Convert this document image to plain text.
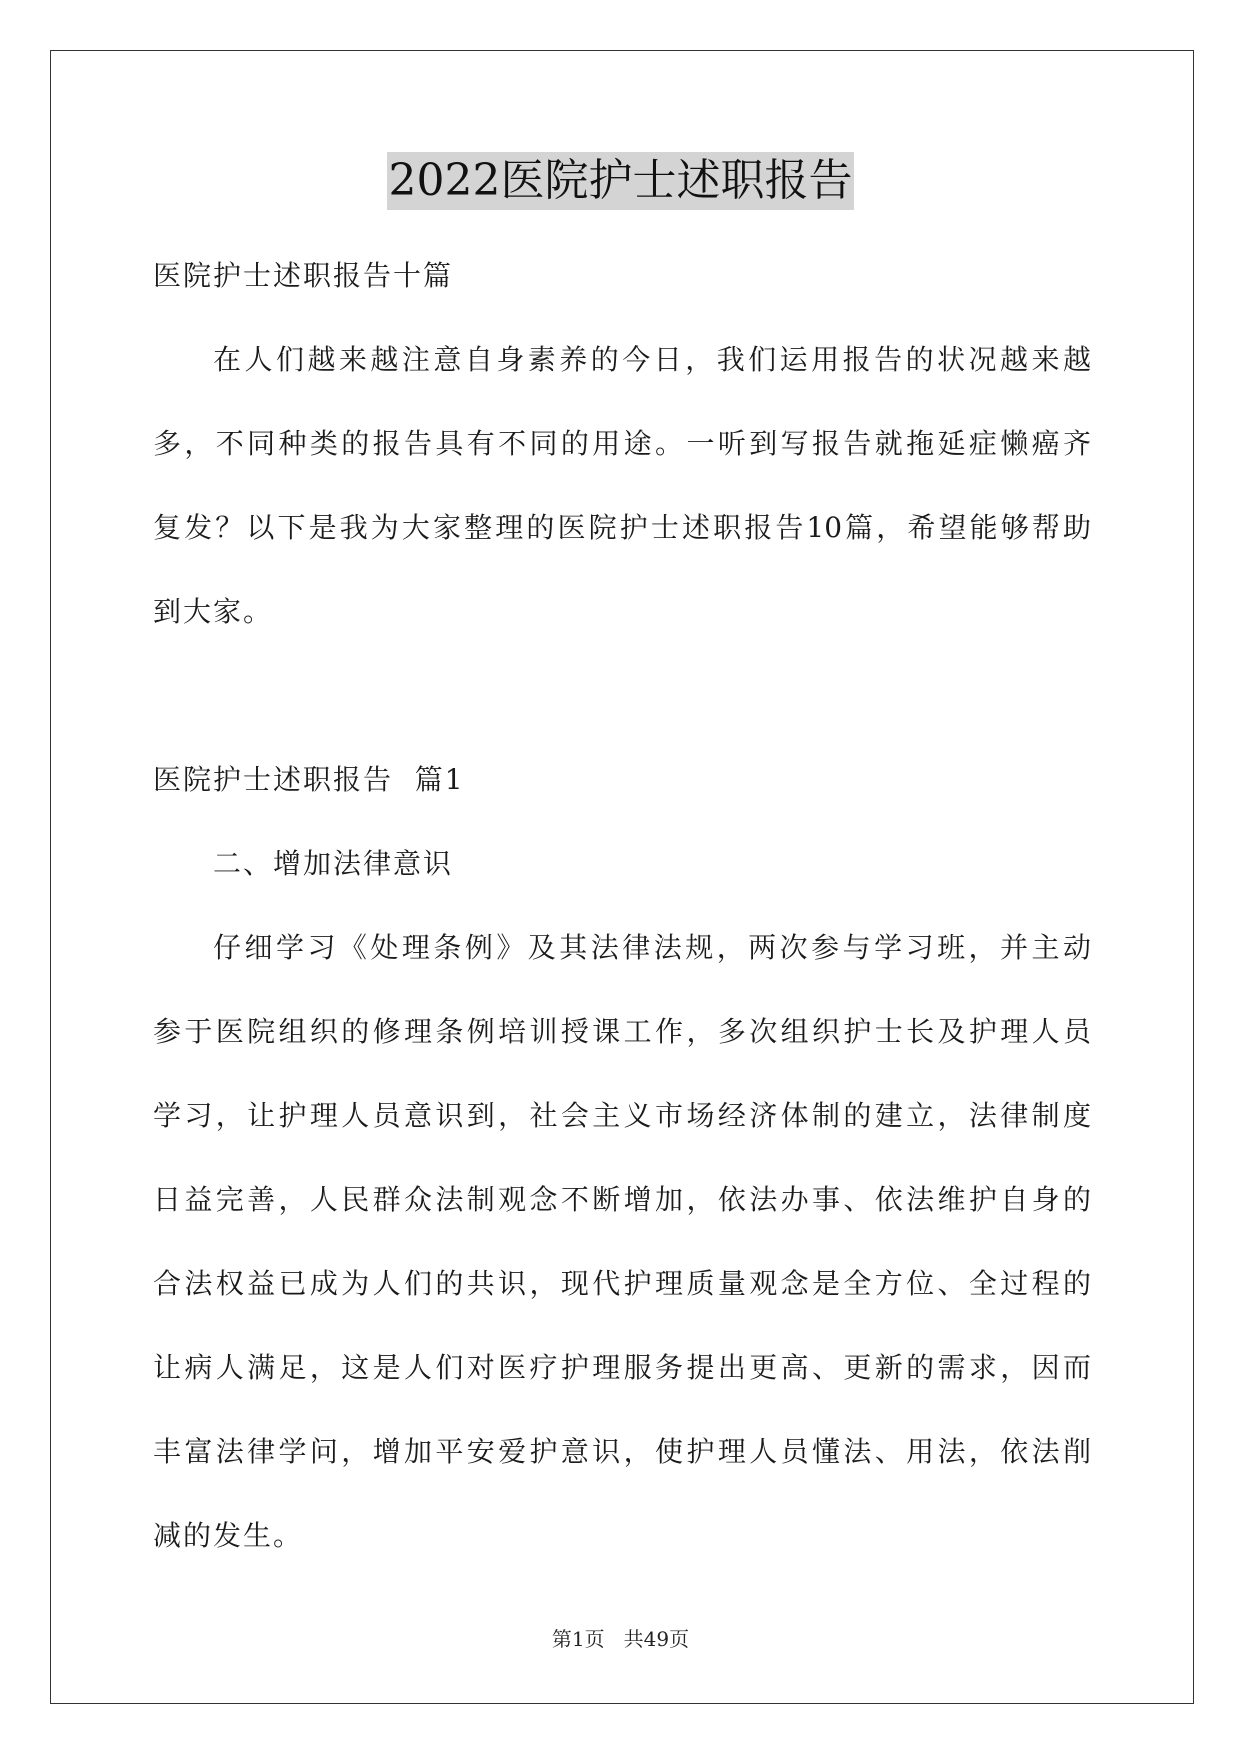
2022医院护士述职报告
医院护士述职报告十篇
在人们越来越注意自身素养的今日，我们运用报告的状况越来越
多，不同种类的报告具有不同的用途。一听到写报告就拖延症懒癌齐
复发？以下是我为大家整理的医院护士述职报告10篇，希望能够帮助
到大家。
医院护士述职报告  篇1
二、增加法律意识
仔细学习《处理条例》及其法律法规，两次参与学习班，并主动
参于医院组织的修理条例培训授课工作，多次组织护士长及护理人员
学习，让护理人员意识到，社会主义市场经济体制的建立，法律制度
日益完善，人民群众法制观念不断增加，依法办事、依法维护自身的
合法权益已成为人们的共识，现代护理质量观念是全方位、全过程的
让病人满足，这是人们对医疗护理服务提出更高、更新的需求，因而
丰富法律学问，增加平安爱护意识，使护理人员懂法、用法，依法削
减的发生。
第1页   共49页
